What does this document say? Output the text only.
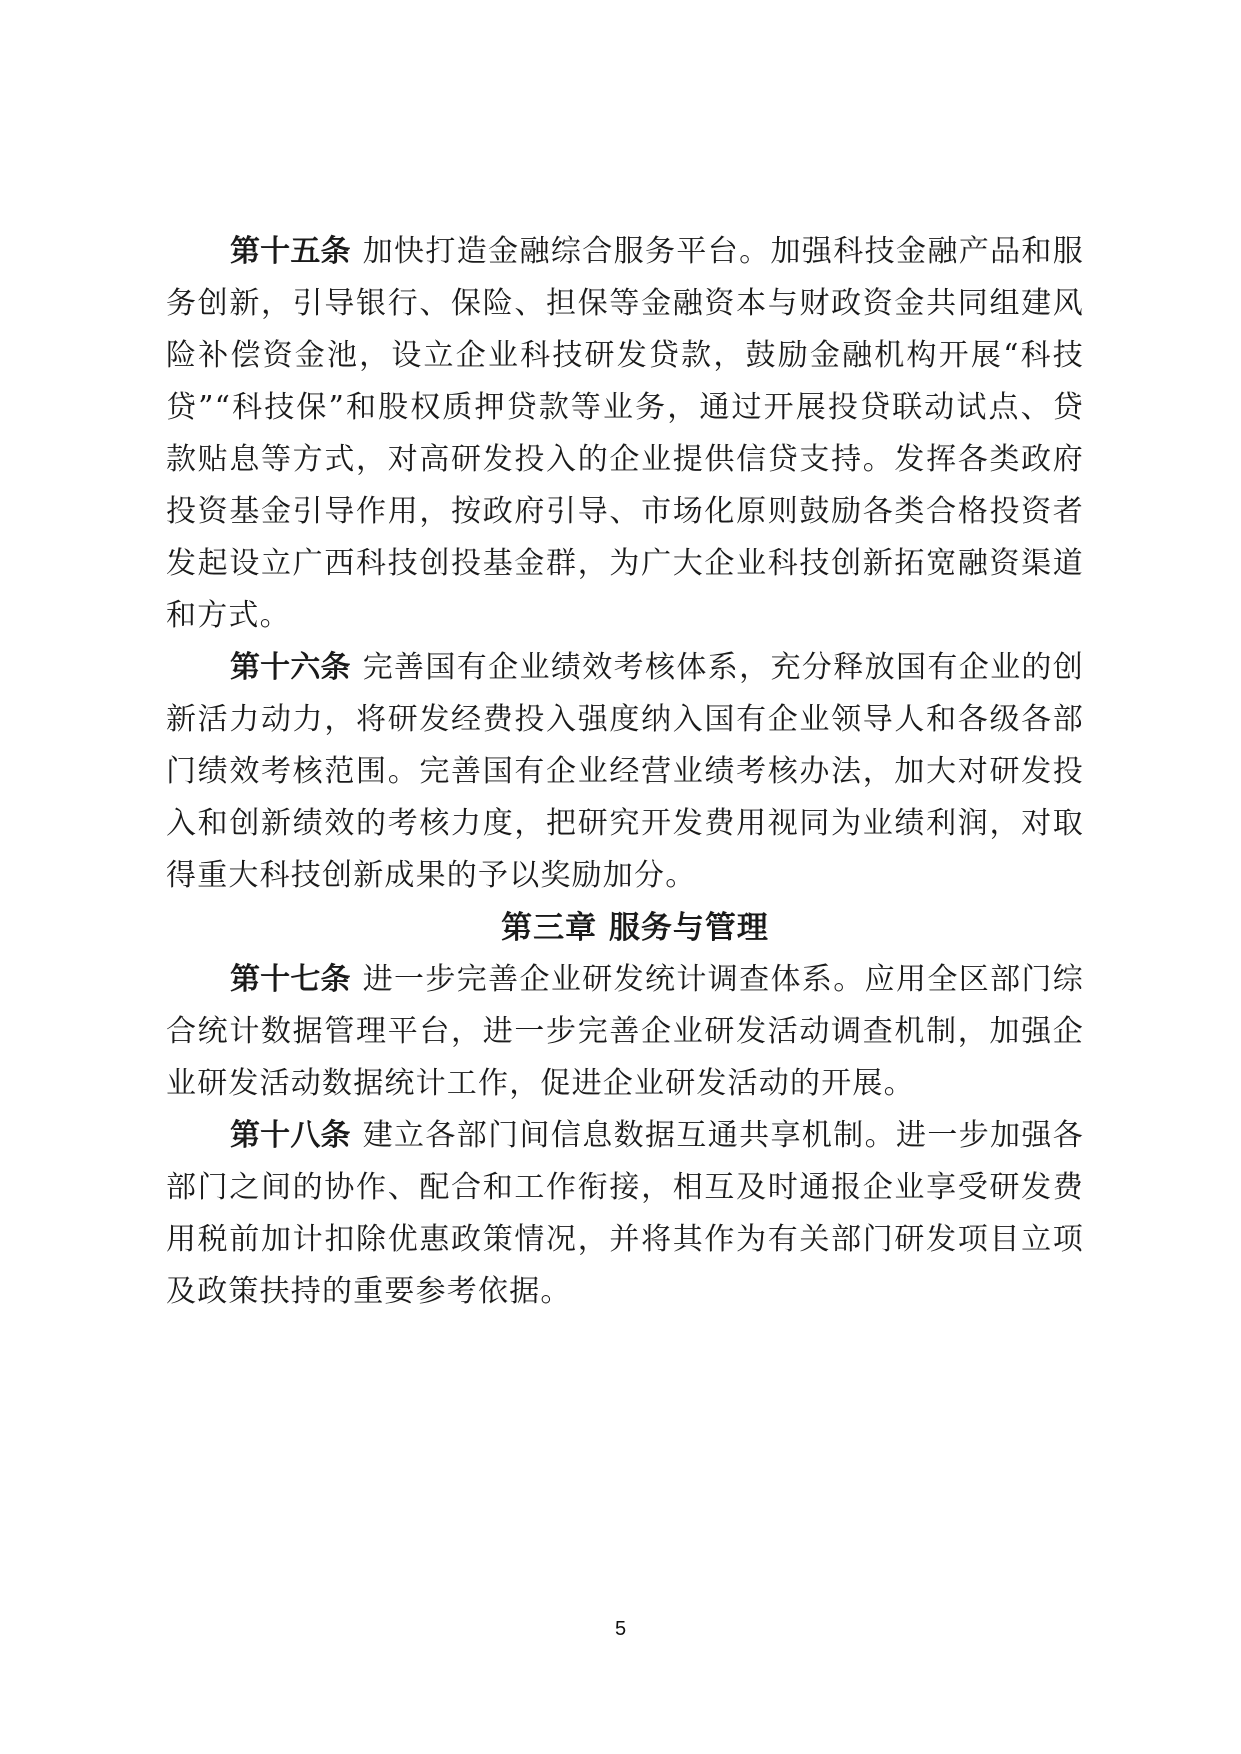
第十五条 加快打造金融综合服务平台。加强科技金融产品和服务创新，引导银行、保险、担保等金融资本与财政资金共同组建风险补偿资金池，设立企业科技研发贷款，鼓励金融机构开展“科技贷”“科技保”和股权质押贷款等业务，通过开展投贷联动试点、贷款贴息等方式，对高研发投入的企业提供信贷支持。发挥各类政府投资基金引导作用，按政府引导、市场化原则鼓励各类合格投资者发起设立广西科技创投基金群，为广大企业科技创新拓宽融资渠道和方式。

第十六条 完善国有企业绩效考核体系，充分释放国有企业的创新活力动力，将研发经费投入强度纳入国有企业领导人和各级各部门绩效考核范围。完善国有企业经营业绩考核办法，加大对研发投入和创新绩效的考核力度，把研究开发费用视同为业绩利润，对取得重大科技创新成果的予以奖励加分。

第三章 服务与管理

第十七条 进一步完善企业研发统计调查体系。应用全区部门综合统计数据管理平台，进一步完善企业研发活动调查机制，加强企业研发活动数据统计工作，促进企业研发活动的开展。

第十八条 建立各部门间信息数据互通共享机制。进一步加强各部门之间的协作、配合和工作衔接，相互及时通报企业享受研发费用税前加计扣除优惠政策情况，并将其作为有关部门研发项目立项及政策扶持的重要参考依据。

5
